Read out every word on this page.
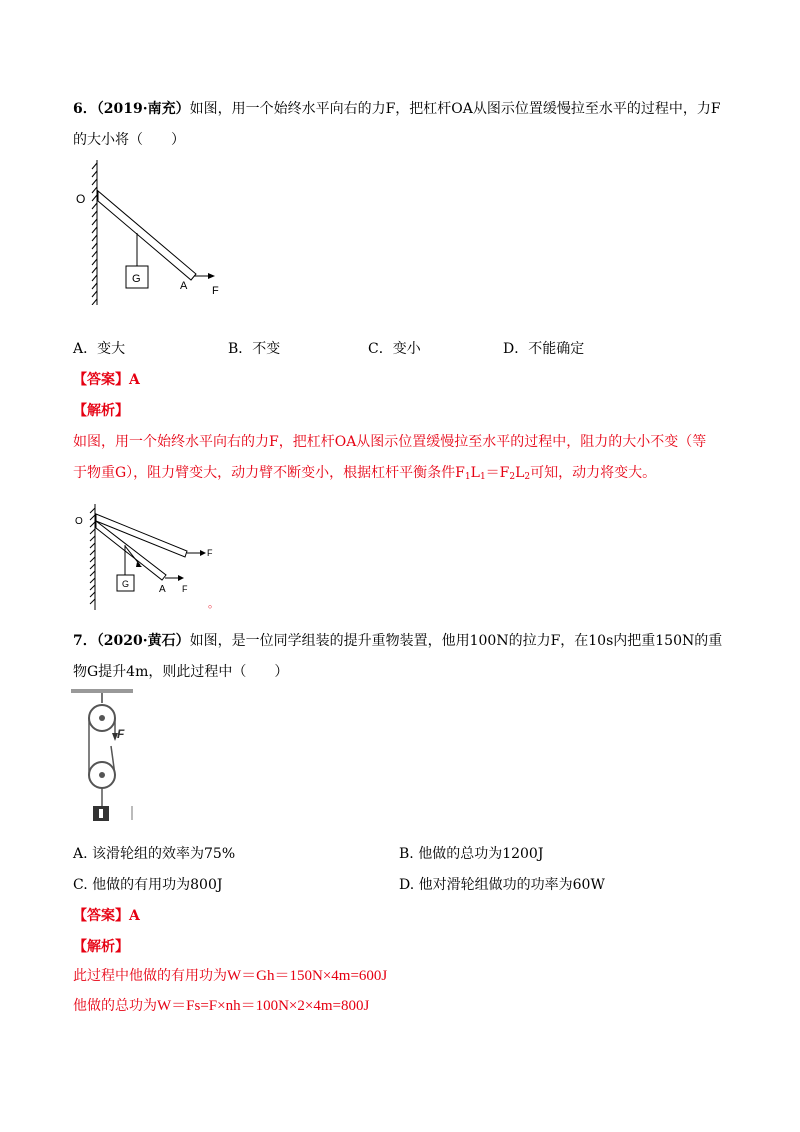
6．（2019·南充）如图，用一个始终水平向右的力F，把杠杆OA从图示位置缓慢拉至水平的过程中，力F
的大小将（　　）
G
O
A F
A．变大	B．不变	C．变小	D．不能确定
【答案】A
【解析】
如图，用一个始终水平向右的力F，把杠杆OA从图示位置缓慢拉至水平的过程中，阻力的大小不变（等
于物重G），阻力臂变大，动力臂不断变小，根据杠杆平衡条件$F_1L_1=F_2L_2$可知，动力将变大。
G
O
F
A F
。
7．（2020·黄石）如图，是一位同学组装的提升重物装置，他用100N的拉力F，在10s内把重150N的重
物G提升4m，则此过程中（　　）
F
A. 该滑轮组的效率为75%	B. 他做的总功为1200J
C. 他做的有用功为800J	D. 他对滑轮组做功的功率为60W
【答案】A
【解析】
此过程中他做的有用功为W＝Gh＝150N×4m=600J
他做的总功为W＝Fs=F×nh＝100N×2×4m=800J
